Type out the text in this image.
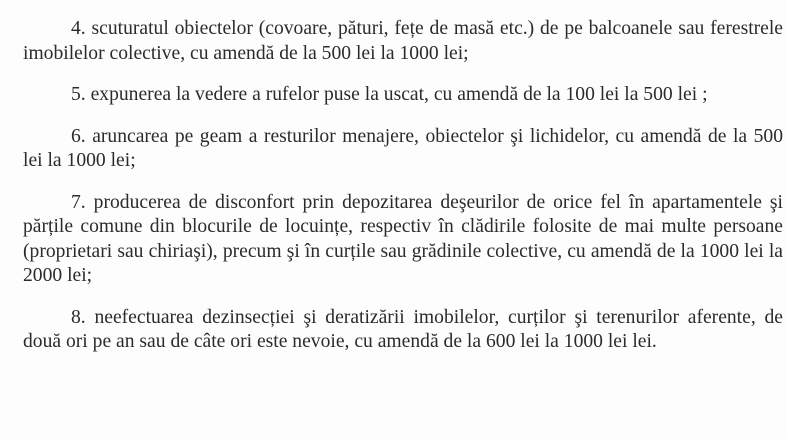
4. scuturatul obiectelor (covoare, pături, fețe de masă etc.) de pe balcoanele sau ferestrele imobilelor colective, cu amendă de la 500 lei la 1000 lei;

5. expunerea la vedere a rufelor puse la uscat, cu amendă de la 100 lei la 500 lei ;

6. aruncarea pe geam a resturilor menajere, obiectelor şi lichidelor, cu amendă de la 500 lei la 1000 lei;

7. producerea de disconfort prin depozitarea deşeurilor de orice fel în apartamentele şi părțile comune din blocurile de locuințe, respectiv în clădirile folosite de mai multe persoane (proprietari sau chiriaşi), precum şi în curțile sau grădinile colective, cu amendă de la 1000 lei la 2000 lei;

8. neefectuarea dezinsecției şi deratizării imobilelor, curților şi terenurilor aferente, de două ori pe an sau de câte ori este nevoie, cu amendă de la 600 lei la 1000 lei lei.
